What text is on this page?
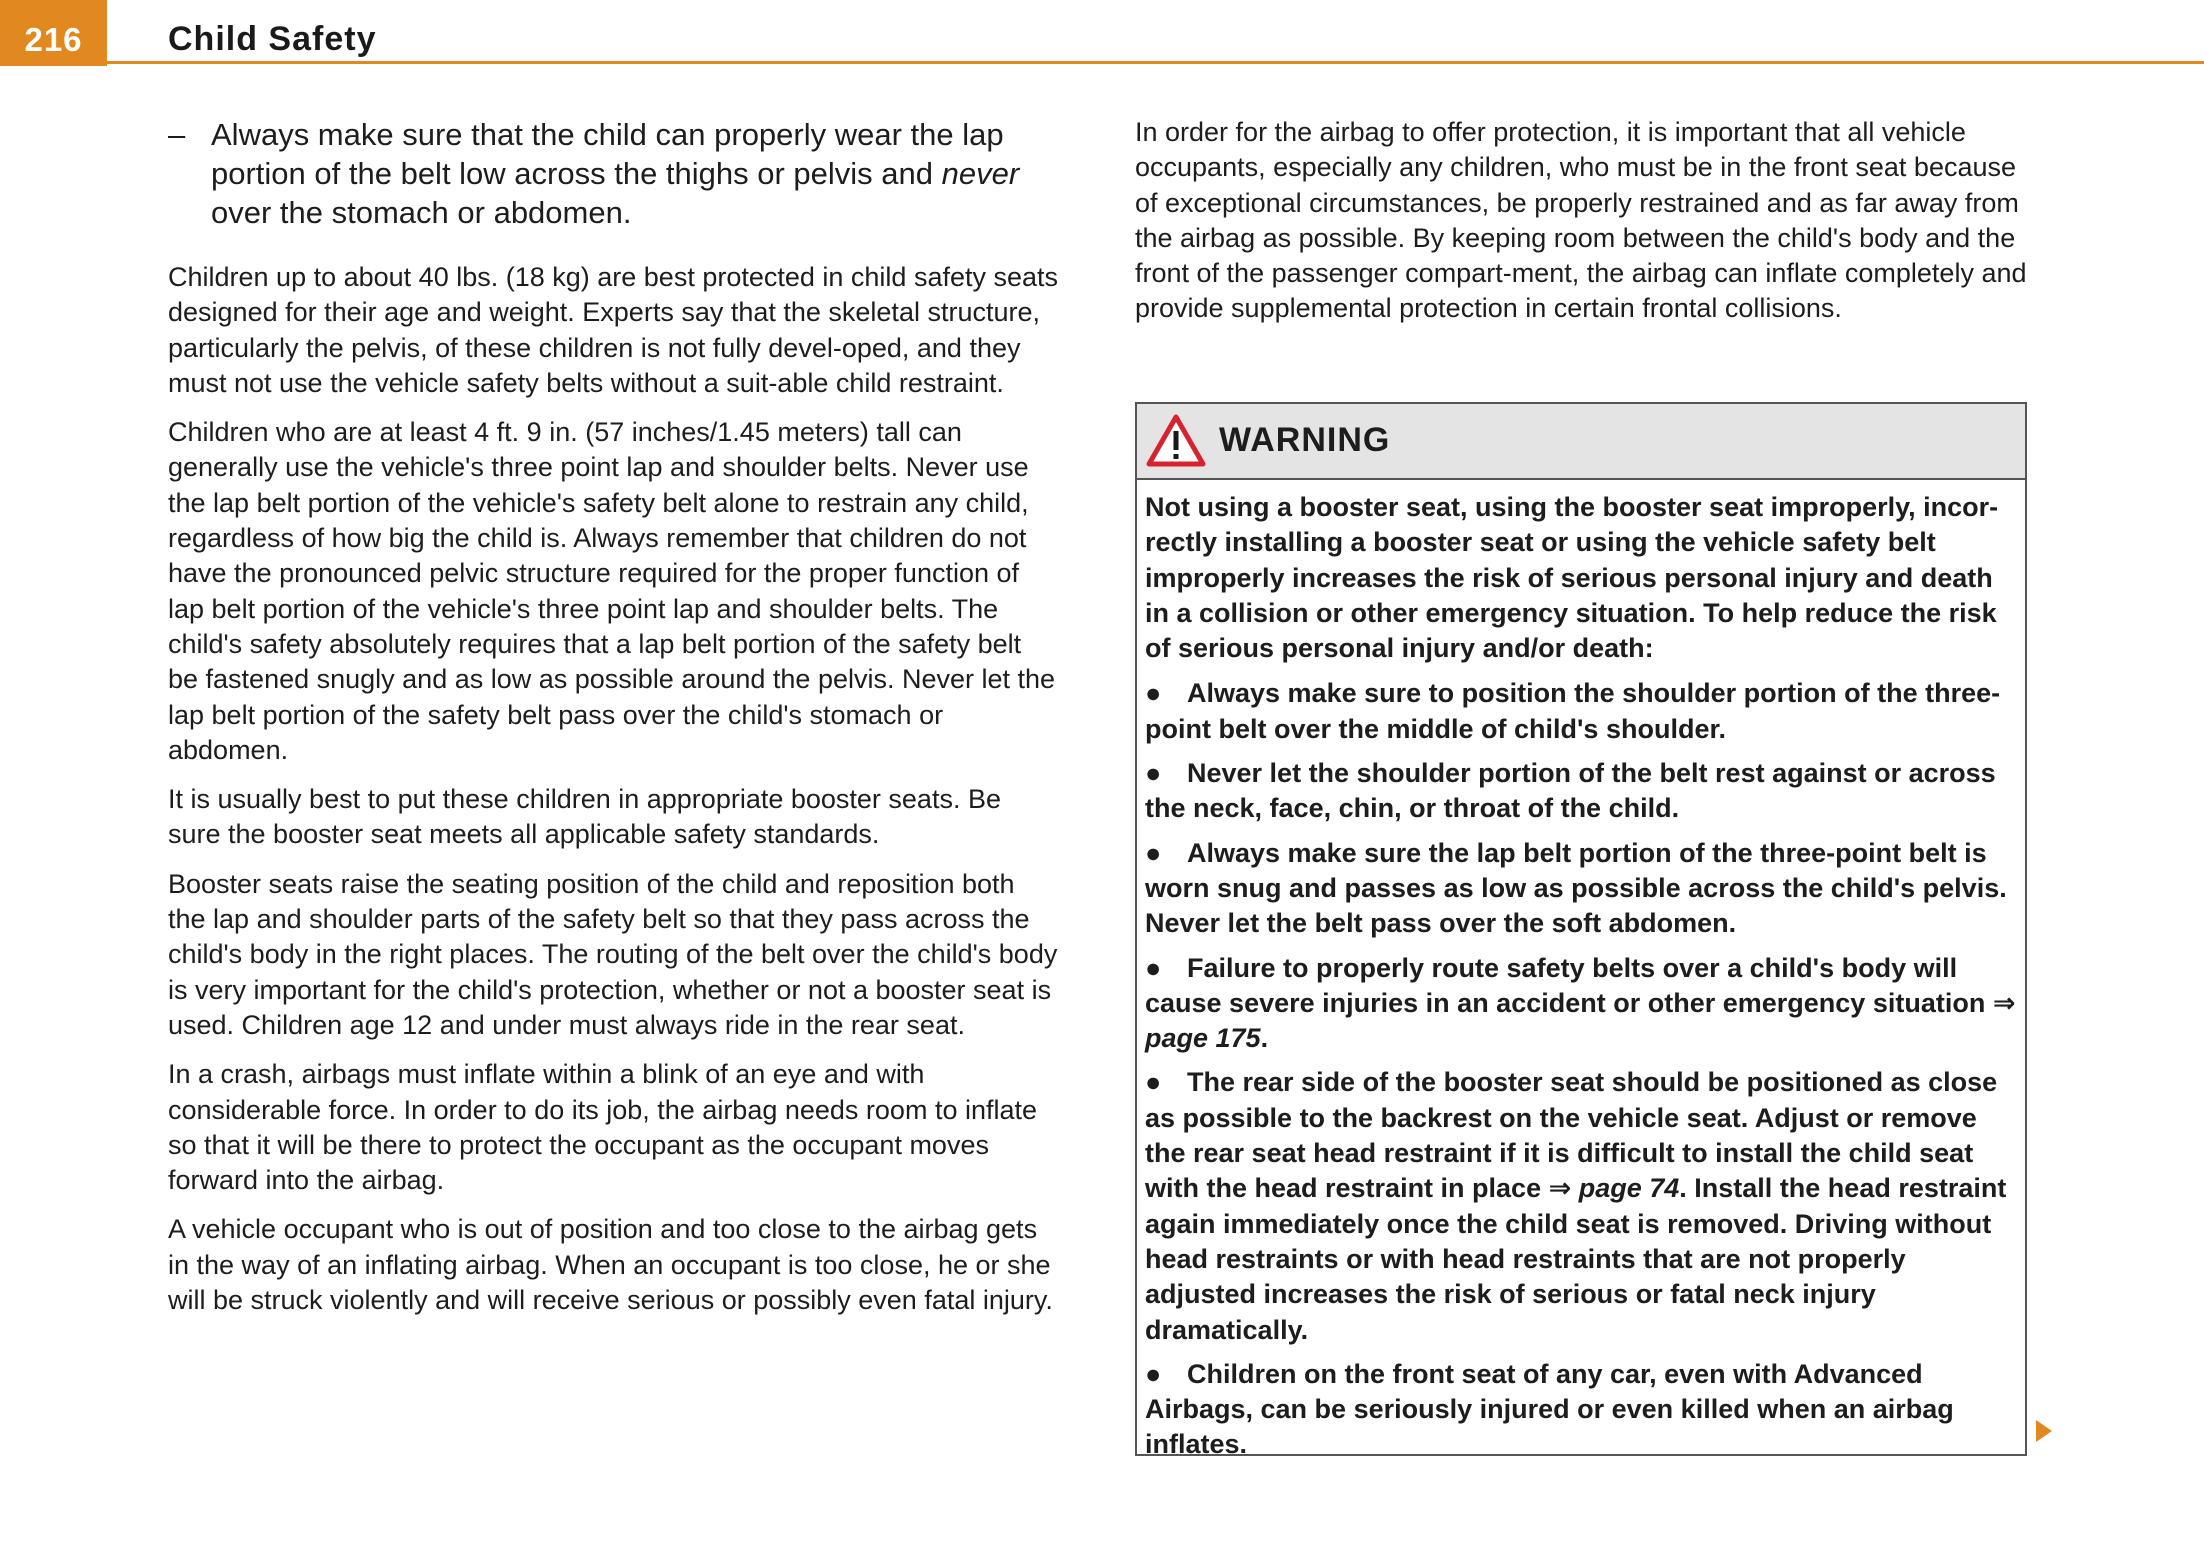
216	Child Safety
– Always make sure that the child can properly wear the lap portion of the belt low across the thighs or pelvis and never over the stomach or abdomen.

Children up to about 40 lbs. (18 kg) are best protected in child safety seats designed for their age and weight. Experts say that the skeletal structure, particularly the pelvis, of these children is not fully devel-oped, and they must not use the vehicle safety belts without a suit-able child restraint.

Children who are at least 4 ft. 9 in. (57 inches/1.45 meters) tall can generally use the vehicle's three point lap and shoulder belts. Never use the lap belt portion of the vehicle's safety belt alone to restrain any child, regardless of how big the child is. Always remember that children do not have the pronounced pelvic structure required for the proper function of lap belt portion of the vehicle's three point lap and shoulder belts. The child's safety absolutely requires that a lap belt portion of the safety belt be fastened snugly and as low as possible around the pelvis. Never let the lap belt portion of the safety belt pass over the child's stomach or abdomen.

It is usually best to put these children in appropriate booster seats. Be sure the booster seat meets all applicable safety standards.

Booster seats raise the seating position of the child and reposition both the lap and shoulder parts of the safety belt so that they pass across the child's body in the right places. The routing of the belt over the child's body is very important for the child's protection, whether or not a booster seat is used. Children age 12 and under must always ride in the rear seat.

In a crash, airbags must inflate within a blink of an eye and with considerable force. In order to do its job, the airbag needs room to inflate so that it will be there to protect the occupant as the occupant moves forward into the airbag.

A vehicle occupant who is out of position and too close to the airbag gets in the way of an inflating airbag. When an occupant is too close, he or she will be struck violently and will receive serious or possibly even fatal injury.

In order for the airbag to offer protection, it is important that all vehicle occupants, especially any children, who must be in the front seat because of exceptional circumstances, be properly restrained and as far away from the airbag as possible. By keeping room between the child's body and the front of the passenger compart-ment, the airbag can inflate completely and provide supplemental protection in certain frontal collisions.

WARNING

Not using a booster seat, using the booster seat improperly, incor-rectly installing a booster seat or using the vehicle safety belt improperly increases the risk of serious personal injury and death in a collision or other emergency situation. To help reduce the risk of serious personal injury and/or death:

● Always make sure to position the shoulder portion of the three-point belt over the middle of child's shoulder.

● Never let the shoulder portion of the belt rest against or across the neck, face, chin, or throat of the child.

● Always make sure the lap belt portion of the three-point belt is worn snug and passes as low as possible across the child's pelvis. Never let the belt pass over the soft abdomen.

● Failure to properly route safety belts over a child's body will cause severe injuries in an accident or other emergency situation ⇒ page 175.

● The rear side of the booster seat should be positioned as close as possible to the backrest on the vehicle seat. Adjust or remove the rear seat head restraint if it is difficult to install the child seat with the head restraint in place ⇒ page 74. Install the head restraint again immediately once the child seat is removed. Driving without head restraints or with head restraints that are not properly adjusted increases the risk of serious or fatal neck injury dramatically.

● Children on the front seat of any car, even with Advanced Airbags, can be seriously injured or even killed when an airbag inflates.
